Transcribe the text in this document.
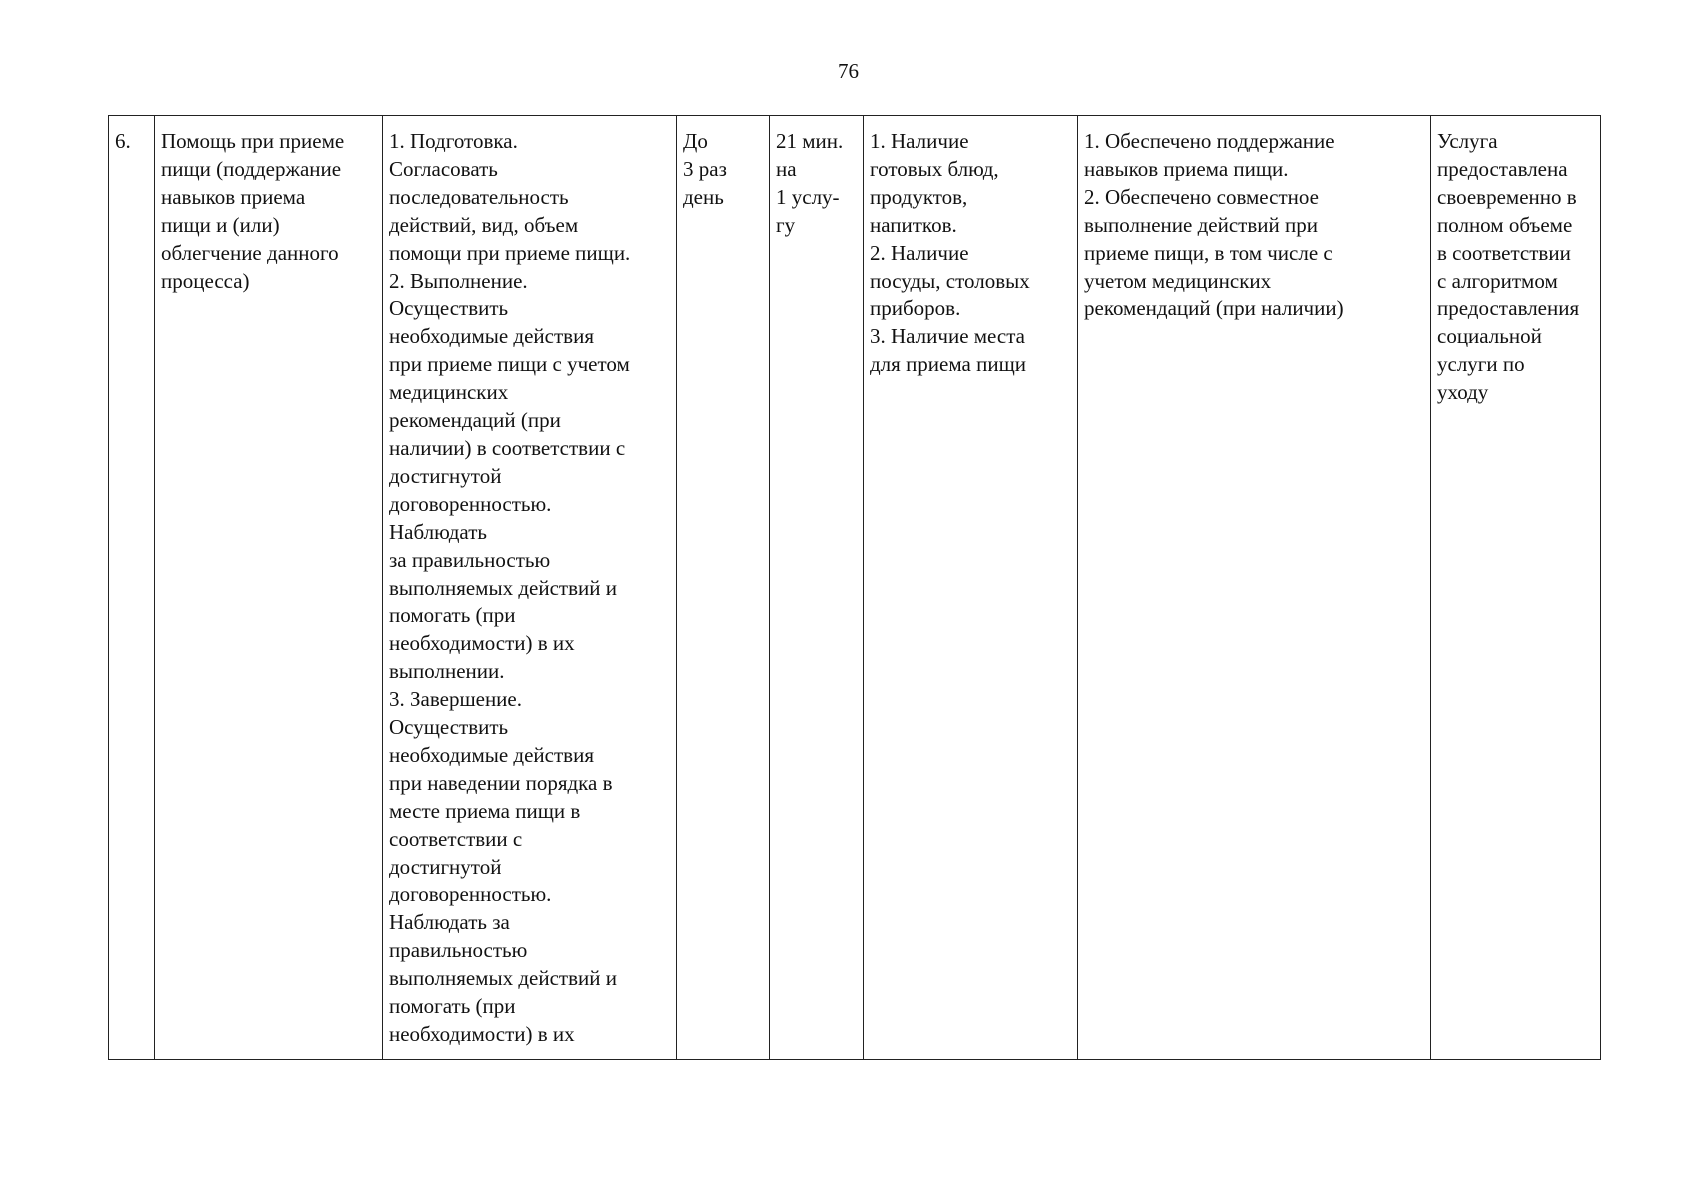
76
6.	Помощь при приеме
пищи (поддержание
навыков приема
пищи и (или)
облегчение данного
процесса)	1. Подготовка.
Согласовать
последовательность
действий, вид, объем
помощи при приеме пищи.
2. Выполнение.
Осуществить
необходимые действия
при приеме пищи с учетом
медицинских
рекомендаций (при
наличии) в соответствии с
достигнутой
договоренностью.
Наблюдать
за правильностью
выполняемых действий и
помогать (при
необходимости) в их
выполнении.
3. Завершение.
Осуществить
необходимые действия
при наведении порядка в
месте приема пищи в
соответствии с
достигнутой
договоренностью.
Наблюдать за
правильностью
выполняемых действий и
помогать (при
необходимости) в их	До
3 раз
день	21 мин.
на
1 услу-
гу	1. Наличие
готовых блюд,
продуктов,
напитков.
2. Наличие
посуды, столовых
приборов.
3. Наличие места
для приема пищи	1. Обеспечено поддержание
навыков приема пищи.
2. Обеспечено совместное
выполнение действий при
приеме пищи, в том числе с
учетом медицинских
рекомендаций (при наличии)	Услуга
предоставлена
своевременно в
полном объеме
в соответствии
с алгоритмом
предоставления
социальной
услуги по
уходу
